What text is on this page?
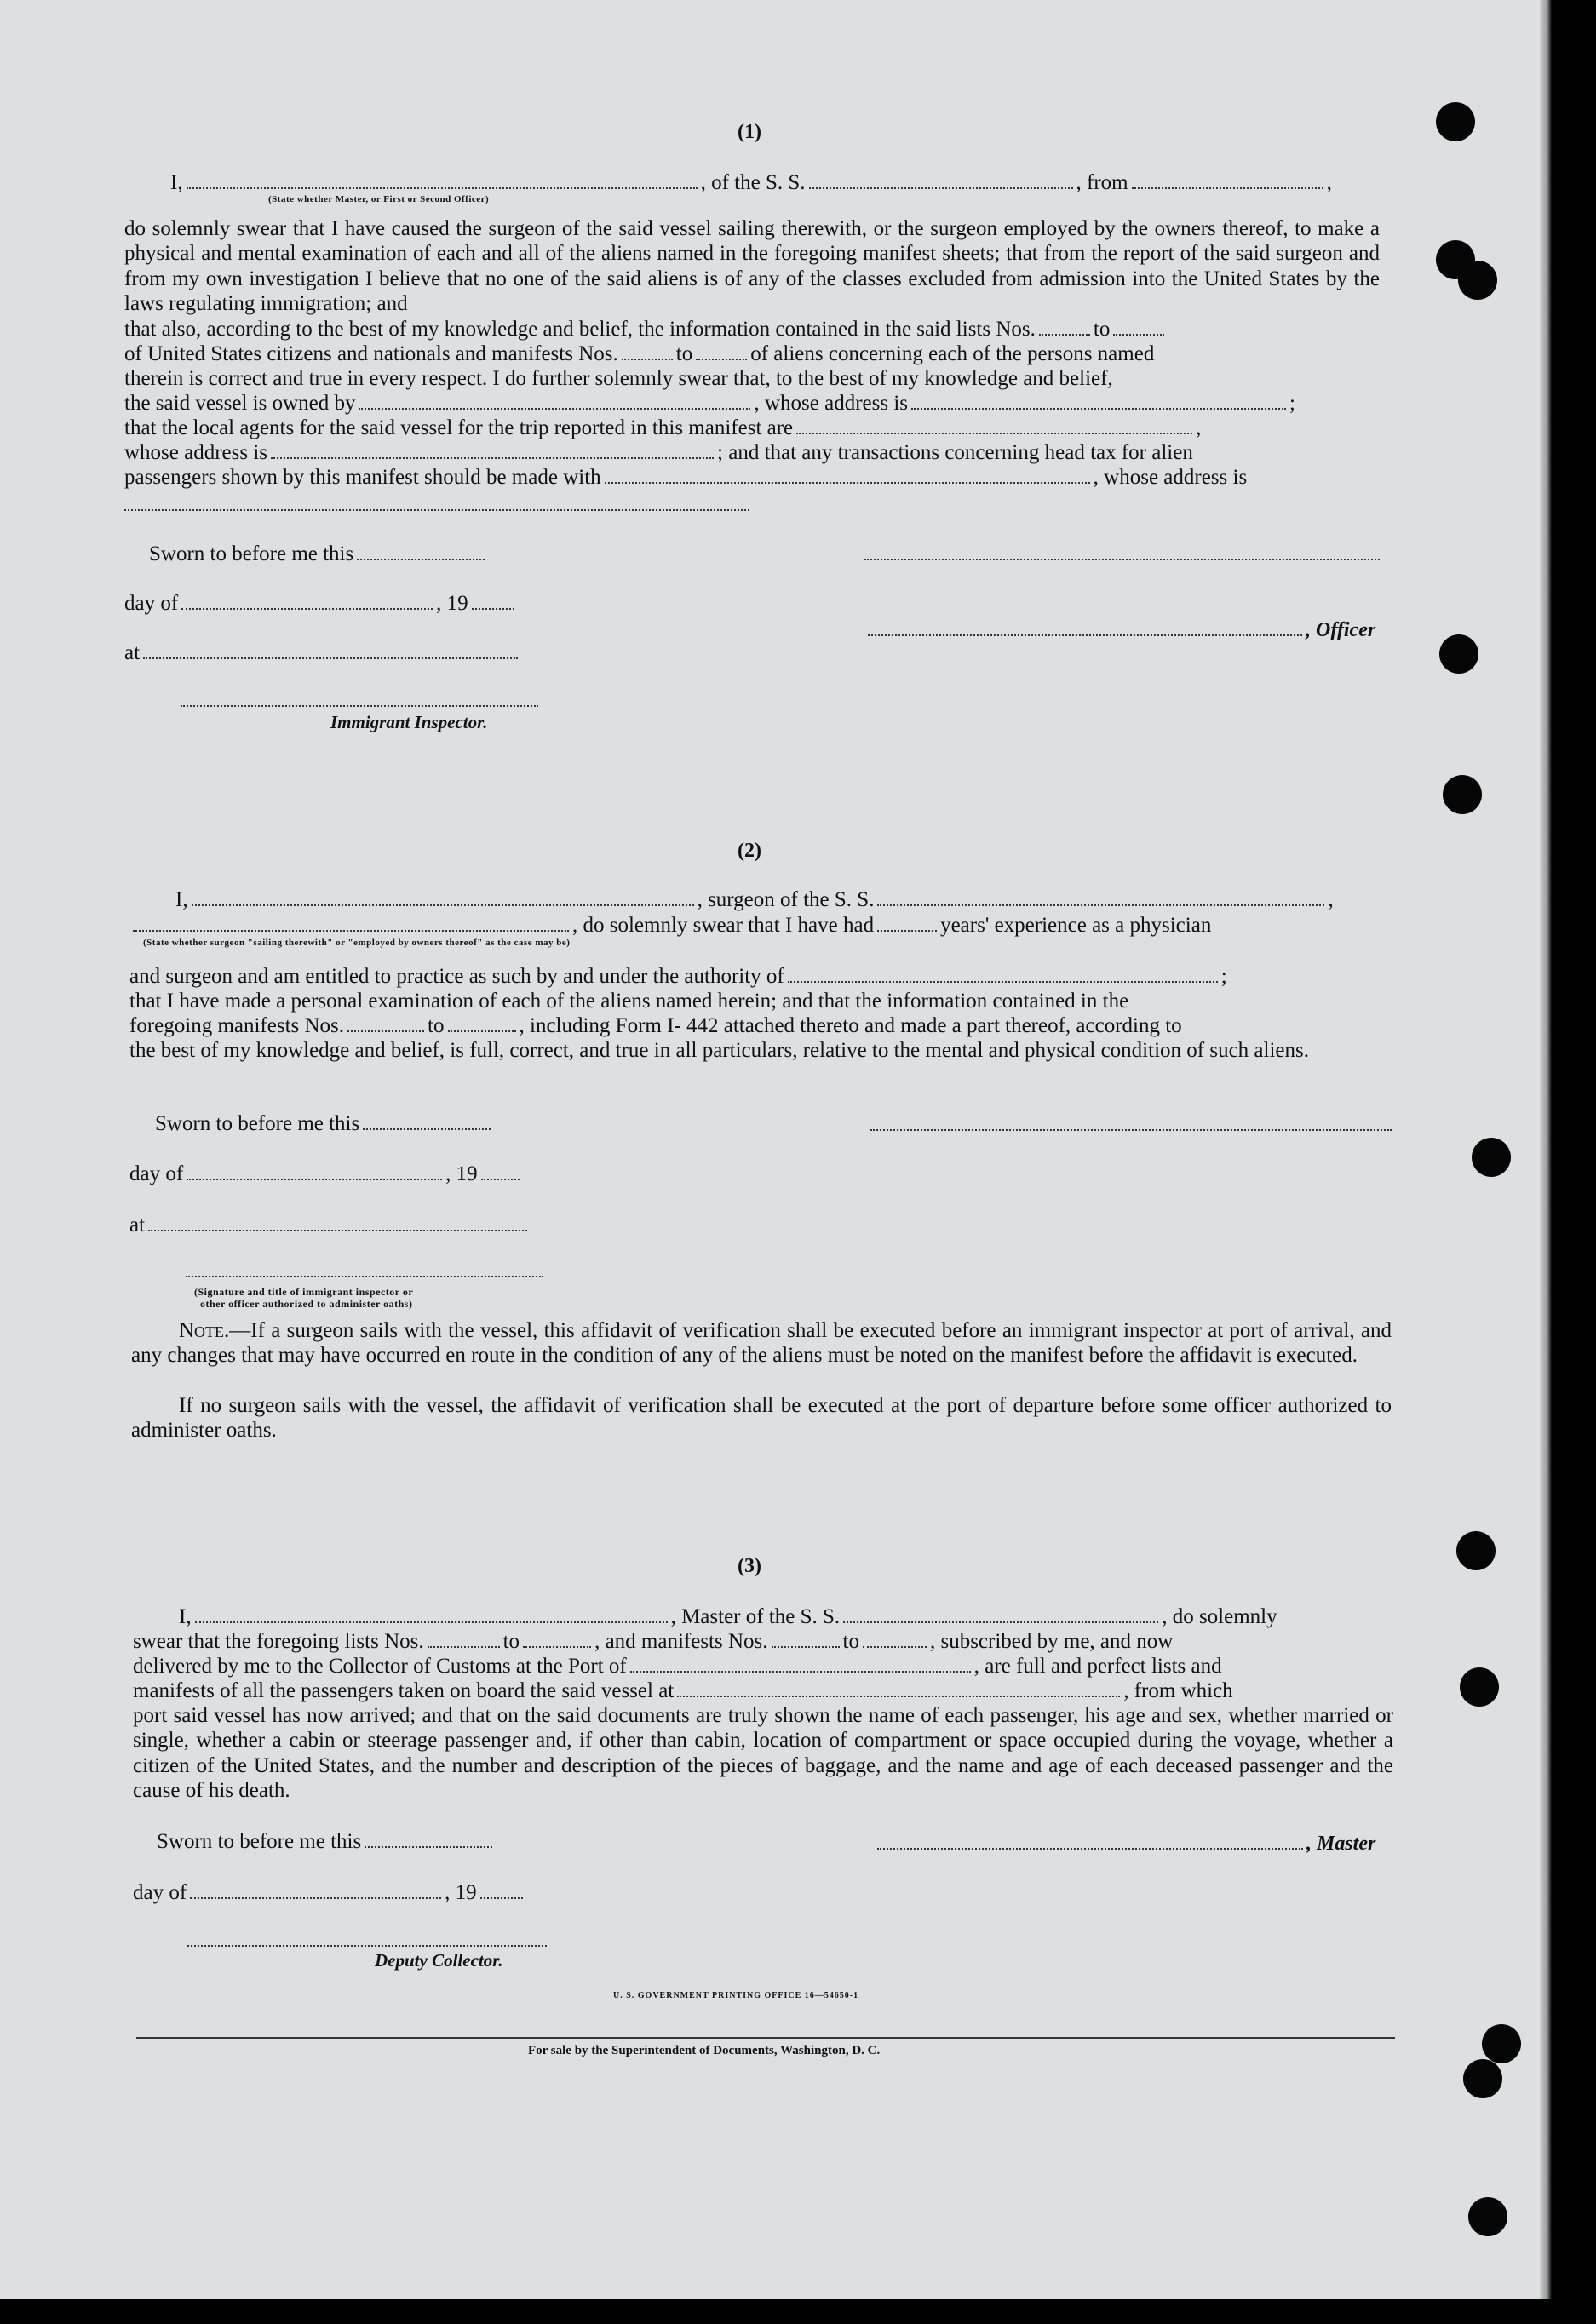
(1)
I,	, of the S. S.	, from	,
(State whether Master, or First or Second Officer)
do solemnly swear that I have caused the surgeon of the said vessel sailing therewith, or the surgeon employed by the owners thereof, to make a physical and mental examination of each and all of the aliens named in the foregoing manifest sheets; that from the report of the said surgeon and from my own investigation I believe that no one of the said aliens is of any of the classes excluded from admission into the United States by the laws regulating immigration; and
that also, according to the best of my knowledge and belief, the information contained in the said lists Nos.	to
of United States citizens and nationals and manifests Nos.	to	of aliens concerning each of the persons named
therein is correct and true in every respect. I do further solemnly swear that, to the best of my knowledge and belief,
the said vessel is owned by	, whose address is	;
that the local agents for the said vessel for the trip reported in this manifest are	,
whose address is	; and that any transactions concerning head tax for alien
passengers shown by this manifest should be made with	, whose address is
Sworn to before me this
day of	, 19
, Officer
at
Immigrant Inspector.
(2)
I,	, surgeon of the S. S.	,
, do solemnly swear that I have had	years' experience as a physician
(State whether surgeon "sailing therewith" or "employed by owners thereof" as the case may be)
and surgeon and am entitled to practice as such by and under the authority of	;
that I have made a personal examination of each of the aliens named herein; and that the information contained in the
foregoing manifests Nos.	to	, including Form I- 442 attached thereto and made a part thereof, according to
the best of my knowledge and belief, is full, correct, and true in all particulars, relative to the mental and physical condition of such aliens.
Sworn to before me this
day of	, 19
at
(Signature and title of immigrant inspector or
other officer authorized to administer oaths)
Note.—If a surgeon sails with the vessel, this affidavit of verification shall be executed before an immigrant inspector at port of arrival, and any changes that may have occurred en route in the condition of any of the aliens must be noted on the manifest before the affidavit is executed.
If no surgeon sails with the vessel, the affidavit of verification shall be executed at the port of departure before some officer authorized to administer oaths.
(3)
I,	, Master of the S. S.	, do solemnly
swear that the foregoing lists Nos.	to	, and manifests Nos.	to	, subscribed by me, and now
delivered by me to the Collector of Customs at the Port of	, are full and perfect lists and
manifests of all the passengers taken on board the said vessel at	, from which
port said vessel has now arrived; and that on the said documents are truly shown the name of each passenger, his age and sex, whether married or single, whether a cabin or steerage passenger and, if other than cabin, location of compartment or space occupied during the voyage, whether a citizen of the United States, and the number and description of the pieces of baggage, and the name and age of each deceased passenger and the cause of his death.
Sworn to before me this	, Master
day of	, 19
Deputy Collector.
U. S. GOVERNMENT PRINTING OFFICE 16—54650-1
For sale by the Superintendent of Documents, Washington, D. C.
